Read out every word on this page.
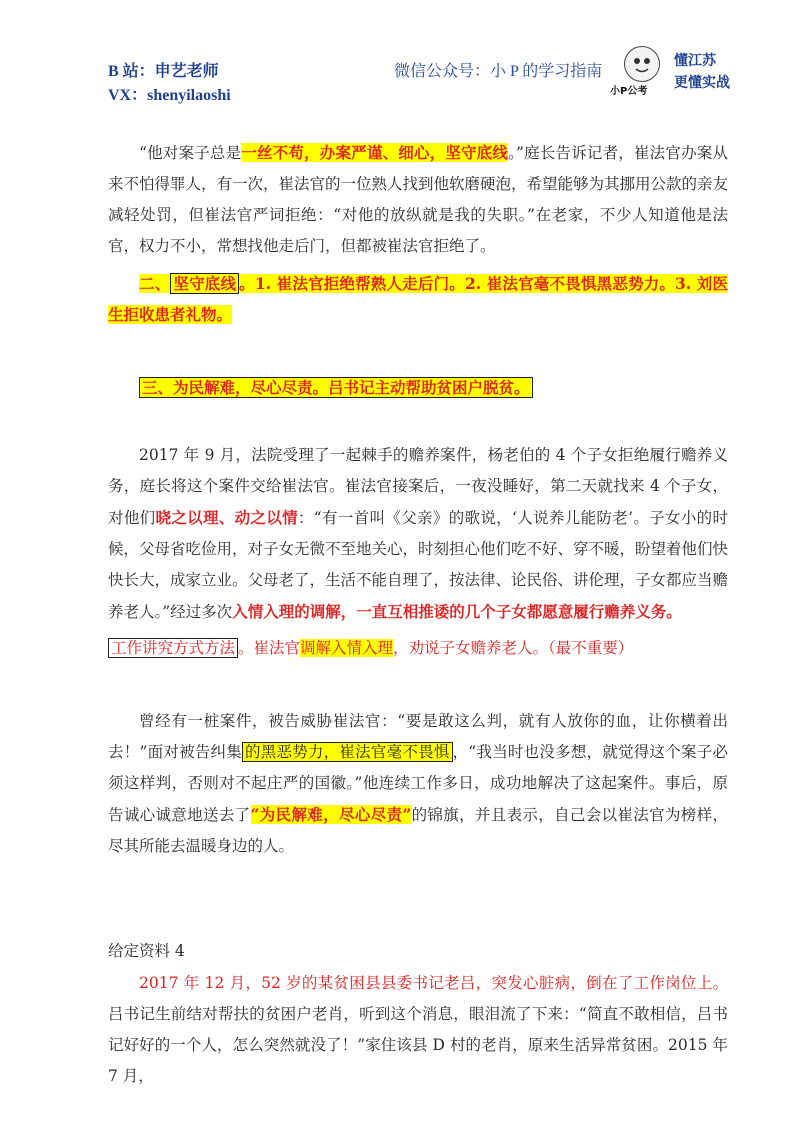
B 站：申艺老师
VX：shenyilaoshi
微信公众号：小 P 的学习指南
小P公考
懂江苏
更懂实战
“他对案子总是一丝不苟，办案严谨、细心，坚守底线。”庭长告诉记者，崔法官办案从来不怕得罪人，有一次，崔法官的一位熟人找到他软磨硬泡，希望能够为其挪用公款的亲友减轻处罚，但崔法官严词拒绝：“对他的放纵就是我的失职。”在老家，不少人知道他是法官，权力不小，常想找他走后门，但都被崔法官拒绝了。
二、 坚守底线 。1. 崔法官拒绝帮熟人走后门。2. 崔法官毫不畏惧黑恶势力。3. 刘医生拒收患者礼物。
三、为民解难，尽心尽责。吕书记主动帮助贫困户脱贫。
2017 年 9 月，法院受理了一起棘手的赡养案件，杨老伯的 4 个子女拒绝履行赡养义务，庭长将这个案件交给崔法官。崔法官接案后，一夜没睡好，第二天就找来 4 个子女，对他们晓之以理、动之以情：“有一首叫《父亲》的歌说，‘人说养儿能防老’。子女小的时候，父母省吃俭用，对子女无微不至地关心，时刻担心他们吃不好、穿不暖，盼望着他们快快长大，成家立业。父母老了，生活不能自理了，按法律、论民俗、讲伦理，子女都应当赡养老人。”经过多次入情入理的调解，一直互相推诿的几个子女都愿意履行赡养义务。
工作讲究方式方法 。崔法官调解入情入理，劝说子女赡养老人。（最不重要）
曾经有一桩案件，被告威胁崔法官：“要是敢这么判，就有人放你的血，让你横着出去！”面对被告纠集 的黑恶势力，崔法官毫不畏惧 ，“我当时也没多想，就觉得这个案子必须这样判，否则对不起庄严的国徽。”他连续工作多日，成功地解决了这起案件。事后，原告诚心诚意地送去了“为民解难，尽心尽责”的锦旗，并且表示，自己会以崔法官为榜样，尽其所能去温暖身边的人。
给定资料 4
2017 年 12 月，52 岁的某贫困县县委书记老吕，突发心脏病，倒在了工作岗位上。吕书记生前结对帮扶的贫困户老肖，听到这个消息，眼泪流了下来：“简直不敢相信，吕书记好好的一个人，怎么突然就没了！”家住该县 D 村的老肖，原来生活异常贫困。2015 年 7 月，
